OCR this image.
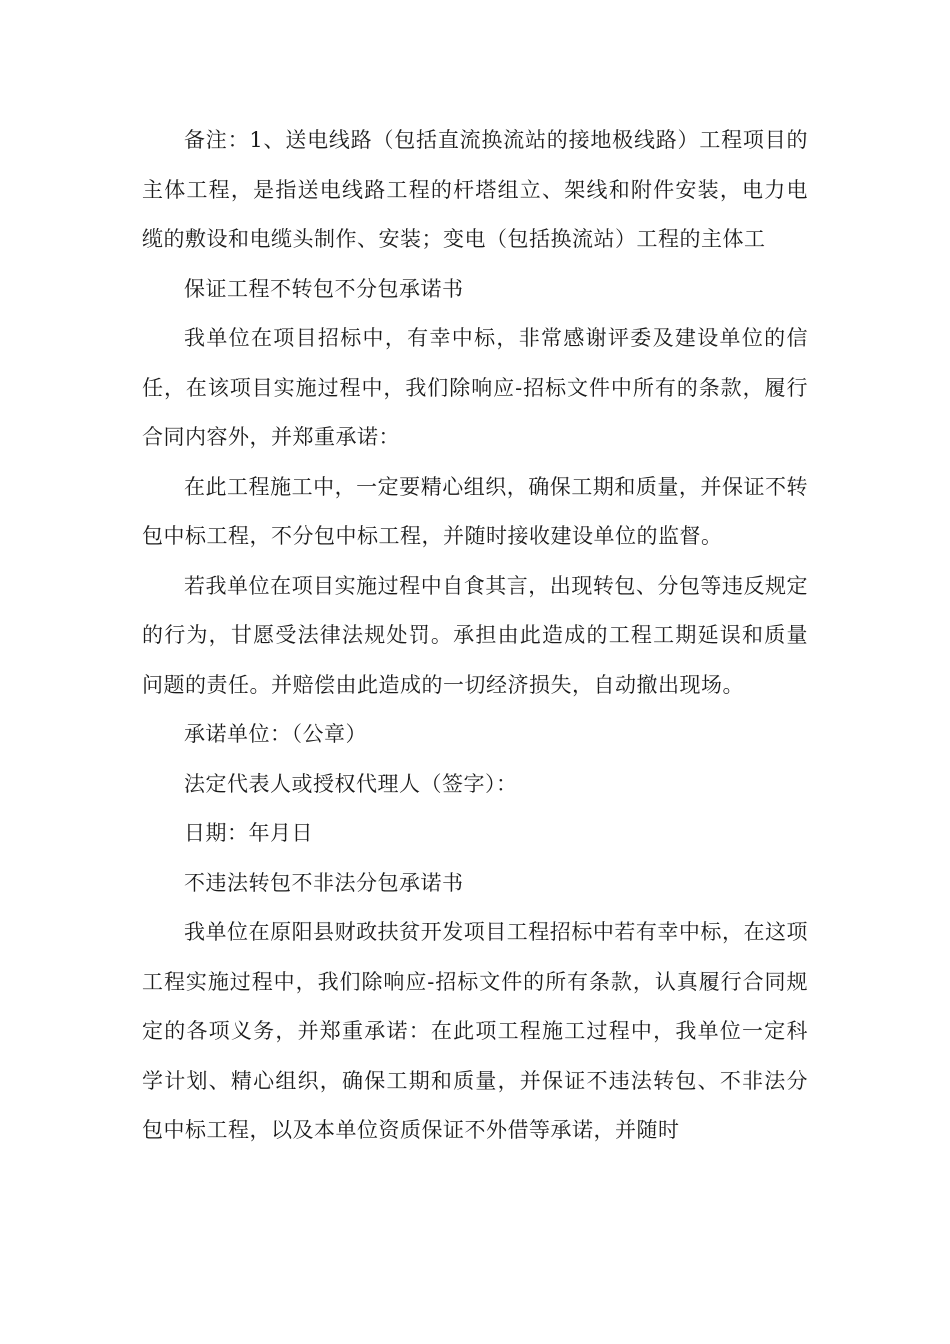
备注：1、送电线路（包括直流换流站的接地极线路）工程项目的主体工程，是指送电线路工程的杆塔组立、架线和附件安装，电力电缆的敷设和电缆头制作、安装；变电（包括换流站）工程的主体工

保证工程不转包不分包承诺书

我单位在项目招标中，有幸中标，非常感谢评委及建设单位的信任，在该项目实施过程中，我们除响应-招标文件中所有的条款，履行合同内容外，并郑重承诺：

在此工程施工中，一定要精心组织，确保工期和质量，并保证不转包中标工程，不分包中标工程，并随时接收建设单位的监督。

若我单位在项目实施过程中自食其言，出现转包、分包等违反规定的行为，甘愿受法律法规处罚。承担由此造成的工程工期延误和质量问题的责任。并赔偿由此造成的一切经济损失，自动撤出现场。

承诺单位：（公章）

法定代表人或授权代理人（签字）：

日期：年月日

不违法转包不非法分包承诺书

我单位在原阳县财政扶贫开发项目工程招标中若有幸中标，在这项工程实施过程中，我们除响应-招标文件的所有条款，认真履行合同规定的各项义务，并郑重承诺：在此项工程施工过程中，我单位一定科学计划、精心组织，确保工期和质量，并保证不违法转包、不非法分包中标工程，以及本单位资质保证不外借等承诺，并随时
